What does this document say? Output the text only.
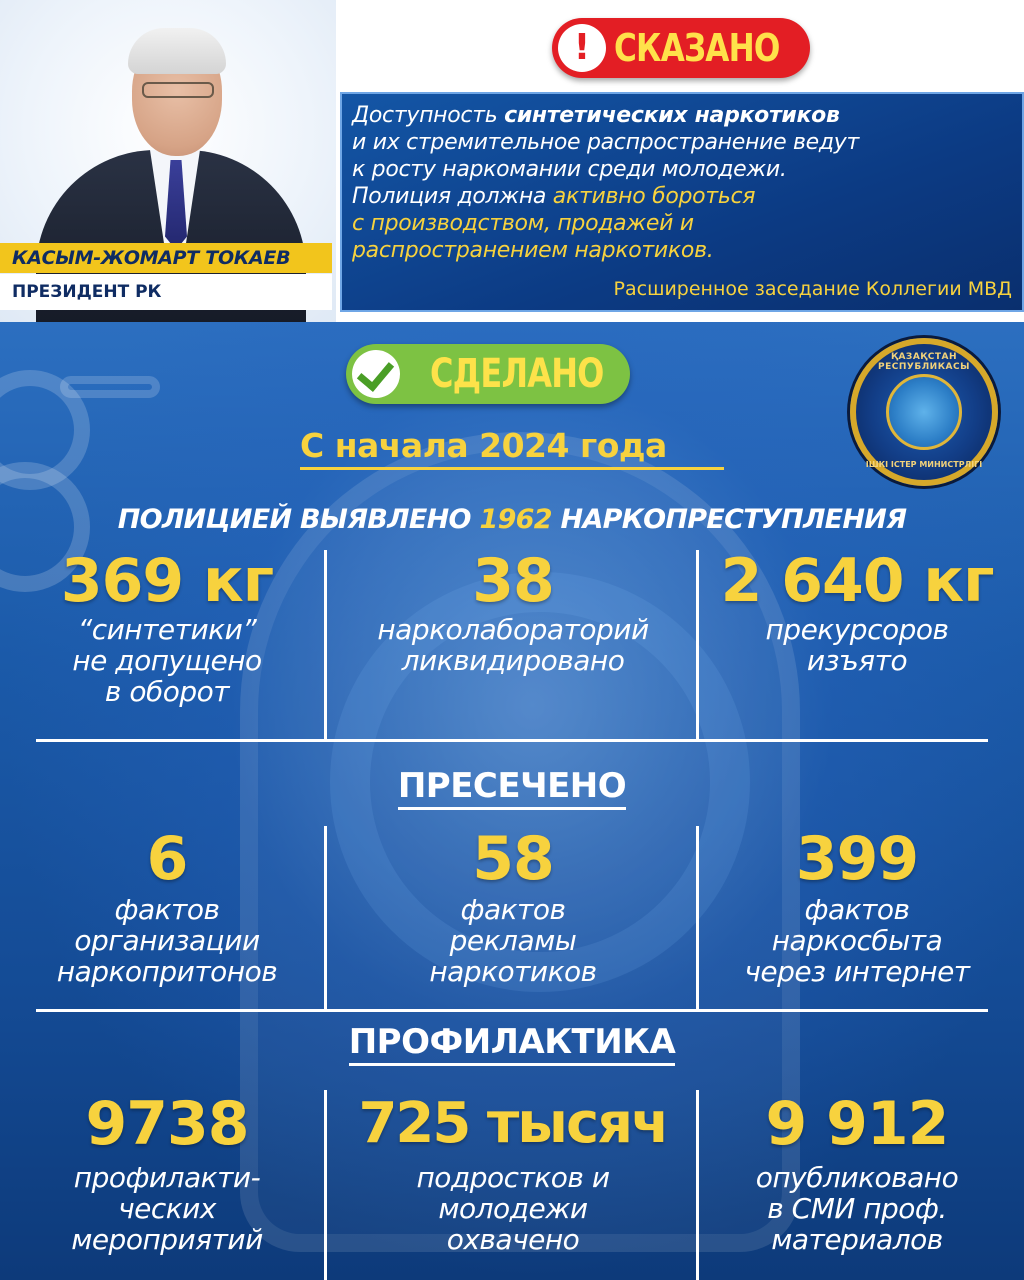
КАСЫМ-ЖОМАРТ ТОКАЕВ
ПРЕЗИДЕНТ РК
! СКАЗАНО
Доступность синтетических наркотиков
и их стремительное распространение ведут
к росту наркомании среди молодежи.
Полиция должна активно бороться
с производством, продажей и
распространением наркотиков.
Расширенное заседание Коллегии МВД
СДЕЛАНО	ҚАЗАҚСТАН РЕСПУБЛИКАСЫ
ІШКІ ІСТЕР МИНИСТРЛІГІ
С начала 2024 года
ПОЛИЦИЕЙ ВЫЯВЛЕНО 1962 НАРКОПРЕСТУПЛЕНИЯ
369 кг
“синтетики”
не допущено
в оборот
38
нарколабораторий
ликвидировано
2 640 кг
прекурсоров
изъято
ПРЕСЕЧЕНО
6
фактов
организации
наркопритонов
58
фактов
рекламы
наркотиков
399
фактов
наркосбыта
через интернет
ПРОФИЛАКТИКА
9738
профилакти-
ческих
мероприятий
725 тысяч
подростков и
молодежи
охвачено
9 912
опубликовано
в СМИ проф.
материалов
